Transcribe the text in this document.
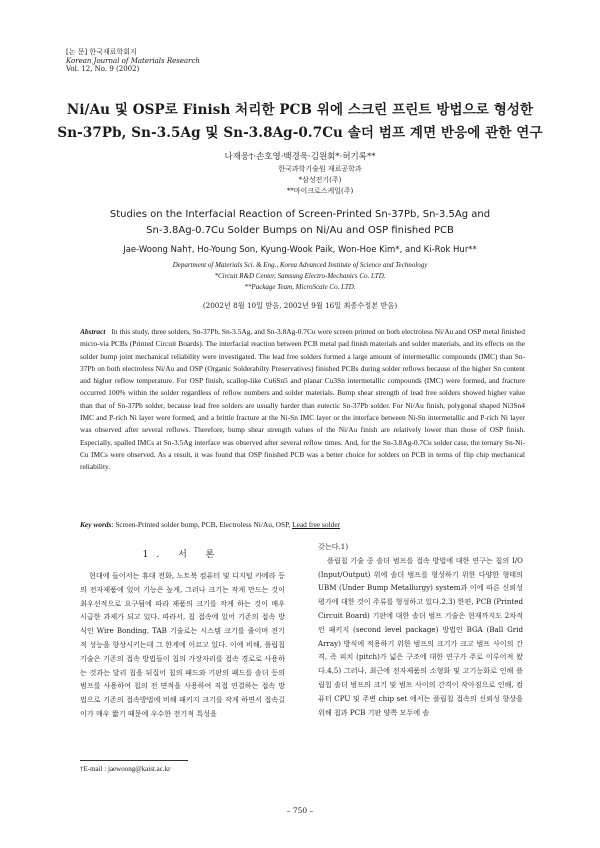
[논 문] 한국재료학회지
Korean Journal of Materials Research
Vol. 12, No. 9 (2002)
Ni/Au 및 OSP로 Finish 처리한 PCB 위에 스크린 프린트 방법으로 형성한
Sn-37Pb, Sn-3.5Ag 및 Sn-3.8Ag-0.7Cu 솔더 범프 계면 반응에 관한 연구
나재웅†·손호영·백경욱·김원회*·허기록**
한국과학기술원 재료공학과
*삼성전기(주)
**마이크로스케일(주)
Studies on the Interfacial Reaction of Screen-Printed Sn-37Pb, Sn-3.5Ag and
Sn-3.8Ag-0.7Cu Solder Bumps on Ni/Au and OSP finished PCB
Jae-Woong Nah†, Ho-Young Son, Kyung-Wook Paik, Won-Hoe Kim*, and Ki-Rok Hur**
Department of Materials Sci. & Eng., Korea Advanced Institute of Science and Technology
*Circuit R&D Center, Samsung Electro-Mechanics Co. LTD.
**Package Team, MicroScale Co. LTD.
(2002년 8월 10일 받음, 2002년 9월 16일 최종수정본 받음)
Abstract In this study, three solders, Sn-37Pb, Sn-3.5Ag, and Sn-3.8Ag-0.7Cu were screen printed on both electroless Ni/Au and OSP metal finished micro-via PCBs (Printed Circuit Boards). The interfacial reaction between PCB metal pad finish materials and solder materials, and its effects on the solder bump joint mechanical reliability were investigated. The lead free solders formed a large amount of intermetallic compounds (IMC) than Sn-37Pb on both electroless Ni/Au and OSP (Organic Solderabilty Preservatives) finished PCBs during solder reflows because of the higher Sn content and higher reflow temperature. For OSP finish, scallop-like Cu6Sn5 and planar Cu3Sn intermetallic compounds (IMC) were formed, and fracture occurred 100% within the solder regardless of reflow numbers and solder materials. Bump shear strength of lead free solders showed higher value than that of Sn-37Pb solder, because lead free solders are usually harder than eutectic Sn-37Pb solder. For Ni/Au finish, polygonal shaped Ni3Sn4 IMC and P-rich Ni layer were formed, and a brittle fracture at the Ni-Sn IMC layer or the interface between Ni-Sn intermetallic and P-rich Ni layer was observed after several reflows. Therefore, bump shear strength values of the Ni/Au finish are relatively lower than those of OSP finish. Especially, spalled IMCs at Sn-3.5Ag interface was observed after several reflow times. And, for the Sn-3.8Ag-0.7Cu solder case, the ternary Sn-Ni-Cu IMCs were observed. As a result, it was found that OSP finished PCB was a better choice for solders on PCB in terms of flip chip mechanical reliability.
Key words: Screen-Printed solder bump, PCB, Electroless Ni/Au, OSP, Lead free solder
1. 서 론

현대에 들어서는 휴대 전화, 노트북 컴퓨터 및 디지털 카메라 등의 전자제품에 있어 기능은 높게, 그러나 크기는 작게 만드는 것이 최우선적으로 요구됨에 따라 제품의 크기를 작게 하는 것이 매우 시급한 과제가 되고 있다. 따라서, 칩 접속에 있어 기존의 접속 방식인 Wire Bonding, TAB 기술로는 시스템 크기를 줄이며 전기적 성능을 향상시키는데 그 한계에 이르고 있다. 이에 비해, 플립칩 기술은 기존의 접속 방법들이 칩의 가장자리를 접속 경로로 사용하는 것과는 달리 칩을 뒤집어 칩의 패드와 기판의 패드를 솔더 등의 범프를 사용하여 칩의 전 면적을 사용하여 직접 연결하는 접속 방법으로 기존의 접속방법에 비해 패키지 크기를 작게 하면서 접속길이가 매우 짧기 때문에 우수한 전기적 특성을

갖는다.1)

플립칩 기술 중 솔더 범프를 접속 방법에 대한 연구는 칩의 I/O (Input/Output) 위에 솔더 범프를 형성하기 위한 다양한 형태의 UBM (Under Bump Metallurgy) system과 이에 따른 신뢰성 평가에 대한 것이 주류를 형성하고 있다.2,3) 한편, PCB (Printed Circuit Board) 기판에 대한 솔더 범프 기술은 현재까지도 2차적인 패키지 (second level package) 방법인 BGA (Ball Grid Array) 방식에 적용하기 위한 범프의 크기가 크고 범프 사이의 간격, 즉 피치 (pitch)가 넓은 구조에 대한 연구가 주로 이루어져 왔다.4,5) 그러나, 최근에 전자제품의 소형화 및 고기능화로 인해 플립칩 솔더 범프의 크기 및 범프 사이의 간격이 작아짐으로 인해, 컴퓨터 CPU 및 주변 chip set 에서는 플립칩 접속의 신뢰성 향상을 위해 칩과 PCB 기판 양쪽 모두에 솔

†E-mail : jaewoong@kaist.ac.kr
– 750 –
